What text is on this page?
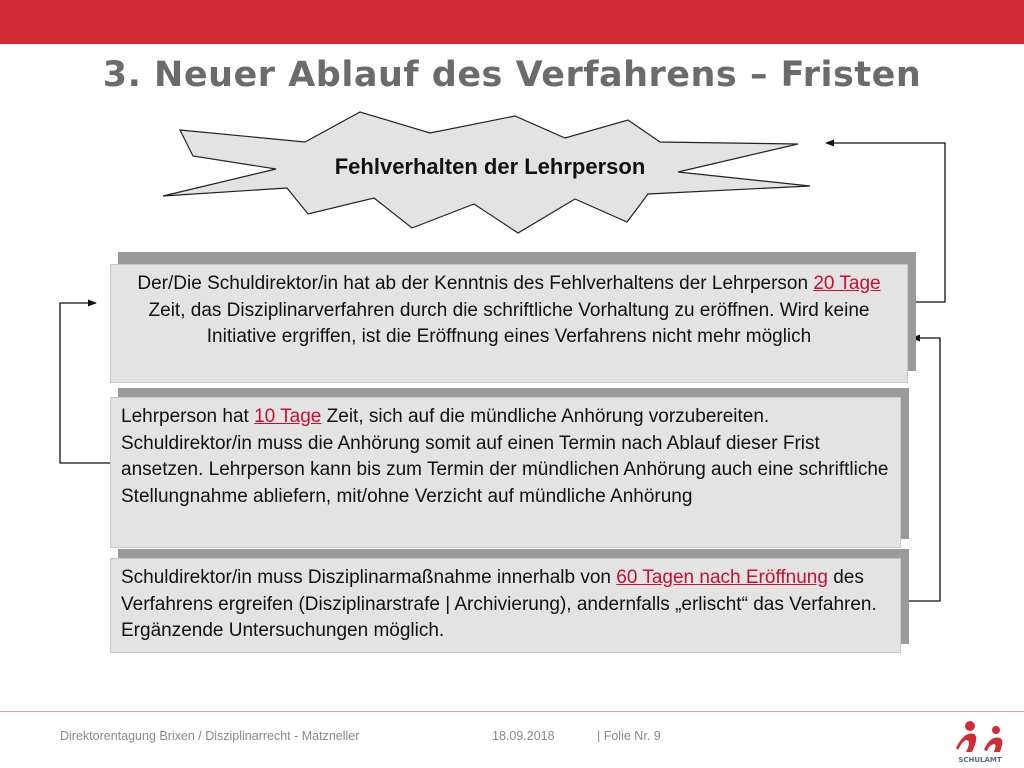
3. Neuer Ablauf des Verfahrens – Fristen
Fehlverhalten der Lehrperson

Der/Die Schuldirektor/in hat ab der Kenntnis des Fehlverhaltens der Lehrperson 20 Tage Zeit, das Disziplinarverfahren durch die schriftliche Vorhaltung zu eröffnen. Wird keine Initiative ergriffen, ist die Eröffnung eines Verfahrens nicht mehr möglich

Lehrperson hat 10 Tage Zeit, sich auf die mündliche Anhörung vorzubereiten. Schuldirektor/in muss die Anhörung somit auf einen Termin nach Ablauf dieser Frist ansetzen. Lehrperson kann bis zum Termin der mündlichen Anhörung auch eine schriftliche Stellungnahme abliefern, mit/ohne Verzicht auf mündliche Anhörung

Schuldirektor/in muss Disziplinarmaßnahme innerhalb von 60 Tagen nach Eröffnung des Verfahrens ergreifen (Disziplinarstrafe | Archivierung), andernfalls „erlischt“ das Verfahren. Ergänzende Untersuchungen möglich.

Direktorentagung Brixen / Disziplinarrecht - Matzneller	18.09.2018	| Folie Nr. 9
SCHULAMT
